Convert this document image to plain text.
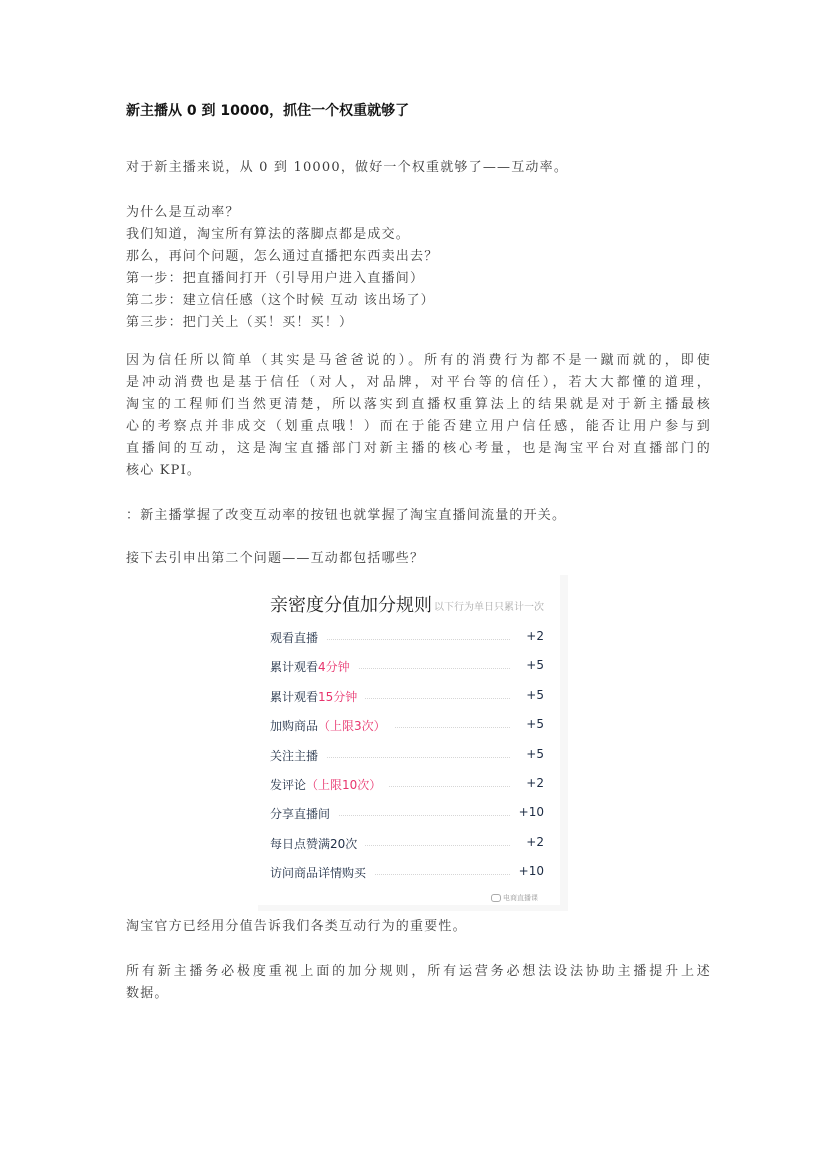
新主播从 0 到 10000，抓住一个权重就够了

对于新主播来说，从 0 到 10000，做好一个权重就够了——互动率。

为什么是互动率？
我们知道，淘宝所有算法的落脚点都是成交。
那么，再问个问题，怎么通过直播把东西卖出去？
第一步：把直播间打开（引导用户进入直播间）
第二步：建立信任感（这个时候 互动 该出场了）
第三步：把门关上（买！买！买！）

因为信任所以简单（其实是马爸爸说的）。所有的消费行为都不是一蹴而就的，即使
是冲动消费也是基于信任（对人，对品牌，对平台等的信任），若大大都懂的道理，
淘宝的工程师们当然更清楚，所以落实到直播权重算法上的结果就是对于新主播最核
心的考察点并非成交（划重点哦！）而在于能否建立用户信任感，能否让用户参与到
直播间的互动，这是淘宝直播部门对新主播的核心考量，也是淘宝平台对直播部门的
核心 KPI。

：新主播掌握了改变互动率的按钮也就掌握了淘宝直播间流量的开关。

接下去引申出第二个问题——互动都包括哪些？

亲密度分值加分规则 以下行为单日只累计一次
观看直播	+2
累计观看4分钟	+5
累计观看15分钟	+5
加购商品（上限3次）	+5
关注主播	+5
发评论（上限10次）	+2
分享直播间	+10
每日点赞满20次	+2
访问商品详情购买	+10
电商直播课

淘宝官方已经用分值告诉我们各类互动行为的重要性。

所有新主播务必极度重视上面的加分规则，所有运营务必想法设法协助主播提升上述
数据。
